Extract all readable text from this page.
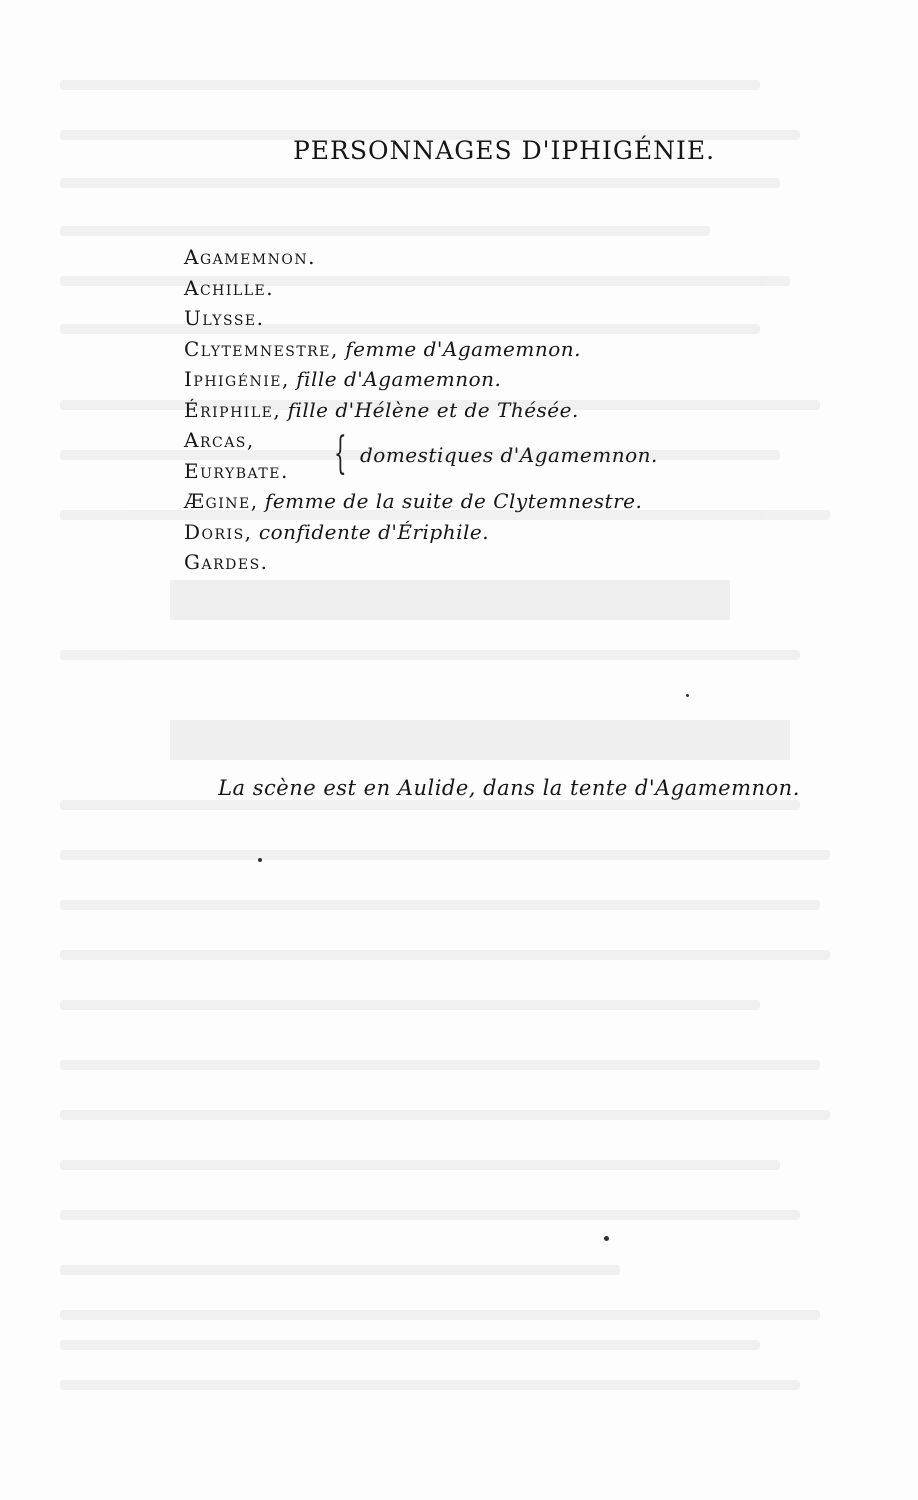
PERSONNAGES D'IPHIGÉNIE.
Agamemnon.
Achille.
Ulysse.
Clytemnestre, femme d'Agamemnon.
Iphigénie, fille d'Agamemnon.
Ériphile, fille d'Hélène et de Thésée.
Arcas,
Eurybate. { domestiques d'Agamemnon.
Ægine, femme de la suite de Clytemnestre.
Doris, confidente d'Ériphile.
Gardes.
La scène est en Aulide, dans la tente d'Agamemnon.
